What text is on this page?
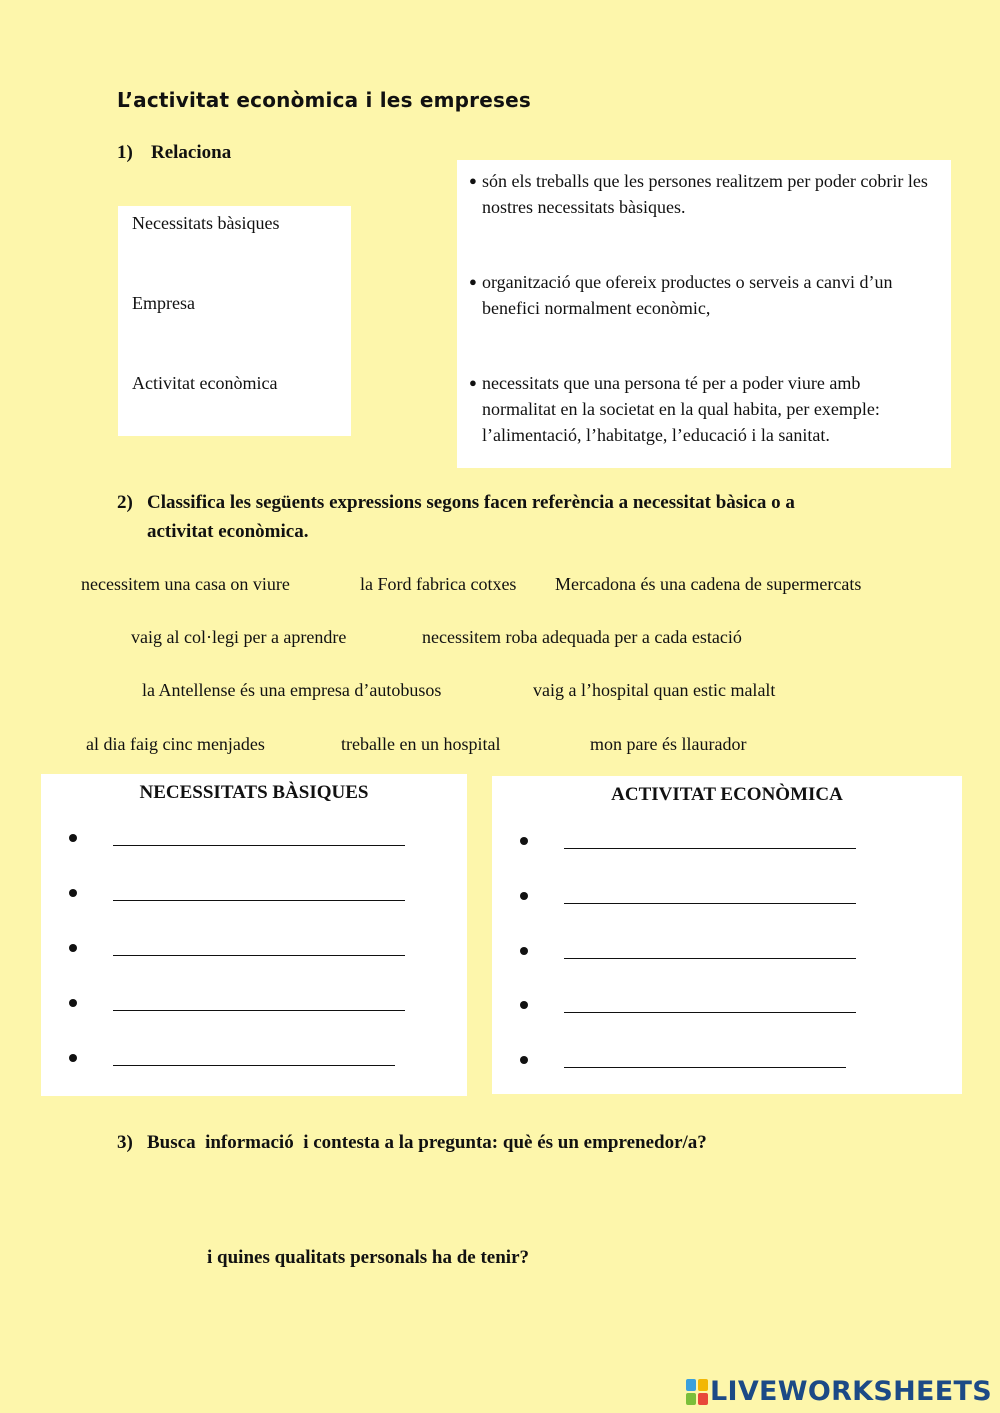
L’activitat econòmica i les empreses
1) Relaciona
Necessitats bàsiques
Empresa
Activitat econòmica
● són els treballs que les persones realitzem per poder cobrir les nostres necessitats bàsiques.
● organització que ofereix productes o serveis a canvi d’un benefici normalment econòmic,
● necessitats que una persona té per a poder viure amb normalitat en la societat en la qual habita, per exemple: l’alimentació, l’habitatge, l’educació i la sanitat.
2) Classifica les següents expressions segons facen referència a necessitat bàsica o a
activitat econòmica.
necessitem una casa on viure	la Ford fabrica cotxes Mercadona és una cadena de supermercats
vaig al col·legi per a aprendre	necessitem roba adequada per a cada estació
la Antellense és una empresa d’autobusos	vaig a l’hospital quan estic malalt
al dia faig cinc menjades	treballe en un hospital	mon pare és llaurador
NECESSITATS BÀSIQUES	ACTIVITAT ECONÒMICA
3) Busca  informació  i contesta a la pregunta: què és un emprenedor/a?
i quines qualitats personals ha de tenir?
LIVEWORKSHEETS
